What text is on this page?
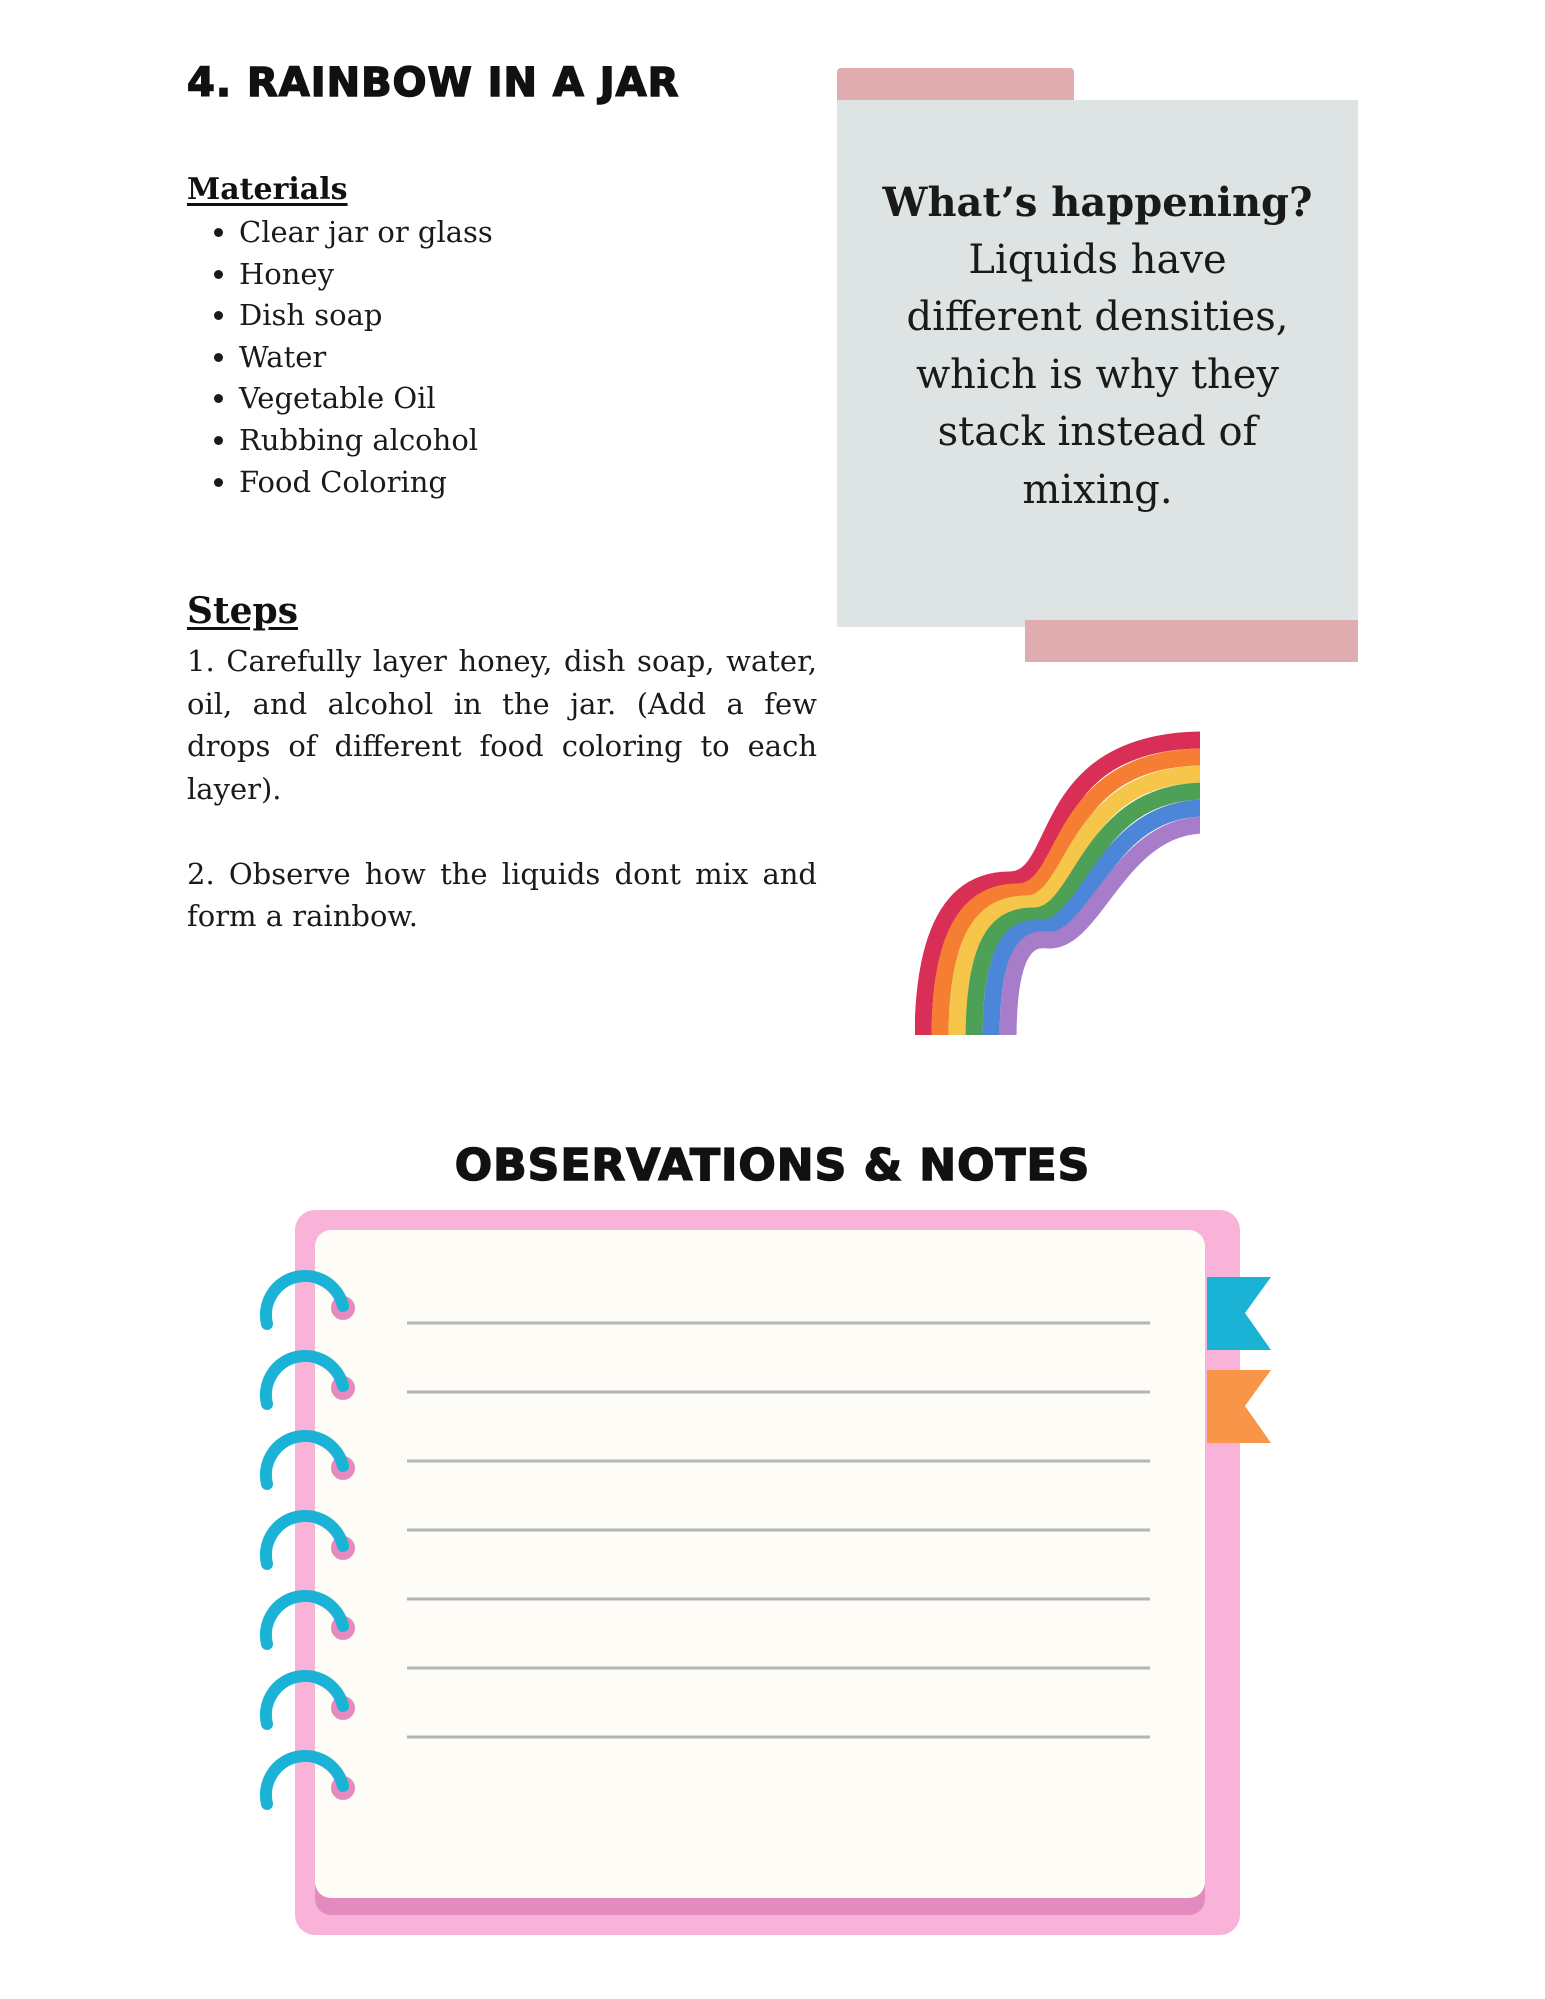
4. RAINBOW IN A JAR
Materials
• Clear jar or glass
• Honey
• Dish soap
• Water
• Vegetable Oil
• Rubbing alcohol
• Food Coloring
Steps

1. Carefully layer honey, dish soap, water, oil, and alcohol in the jar. (Add a few drops of different food coloring to each layer).

2. Observe how the liquids dont mix and form a rainbow.

What’s happening?
Liquids have different densities, which is why they stack instead of mixing.
OBSERVATIONS & NOTES
